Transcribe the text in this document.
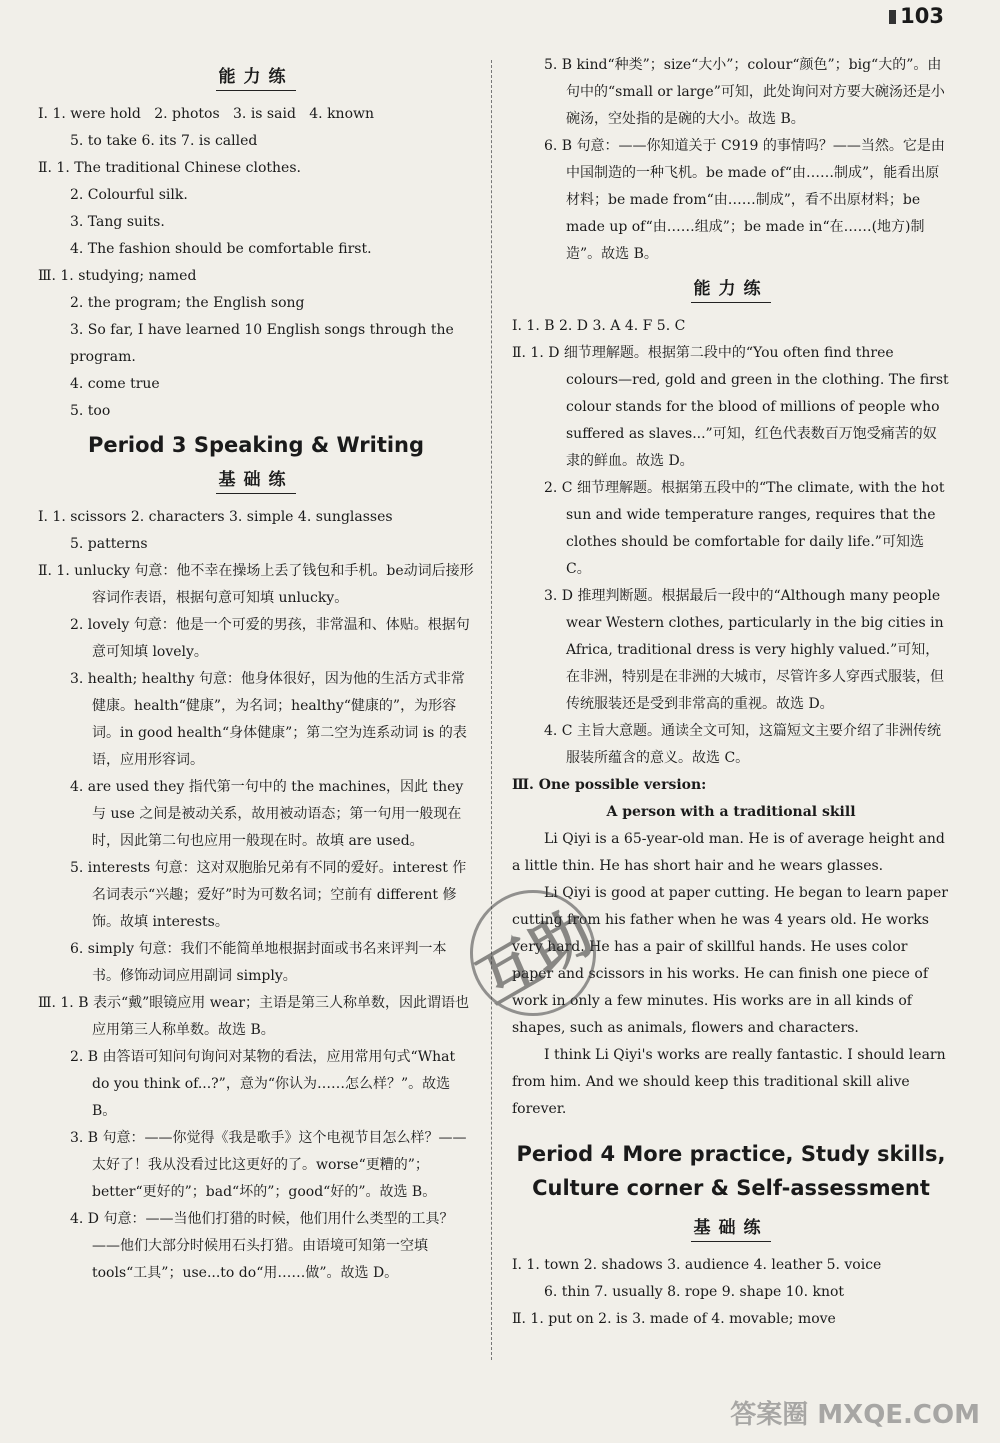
103
能力练

Ⅰ. 1. were hold 2. photos 3. is said 4. known

5. to take 6. its 7. is called

Ⅱ. 1. The traditional Chinese clothes.

2. Colourful silk.

3. Tang suits.

4. The fashion should be comfortable first.

Ⅲ. 1. studying; named

2. the program; the English song

3. So far, I have learned 10 English songs through the program.

4. come true

5. too

Period 3 Speaking & Writing
基础练

Ⅰ. 1. scissors 2. characters 3. simple 4. sunglasses

5. patterns

Ⅱ. 1. unlucky 句意：他不幸在操场上丢了钱包和手机。be动词后接形容词作表语，根据句意可知填 unlucky。

2. lovely 句意：他是一个可爱的男孩，非常温和、体贴。根据句意可知填 lovely。

3. health; healthy 句意：他身体很好，因为他的生活方式非常健康。health“健康”，为名词；healthy“健康的”，为形容词。in good health“身体健康”；第二空为连系动词 is 的表语，应用形容词。

4. are used they 指代第一句中的 the machines，因此 they 与 use 之间是被动关系，故用被动语态；第一句用一般现在时，因此第二句也应用一般现在时。故填 are used。

5. interests 句意：这对双胞胎兄弟有不同的爱好。interest 作名词表示“兴趣；爱好”时为可数名词；空前有 different 修饰。故填 interests。

6. simply 句意：我们不能简单地根据封面或书名来评判一本书。修饰动词应用副词 simply。

Ⅲ. 1. B 表示“戴”眼镜应用 wear；主语是第三人称单数，因此谓语也应用第三人称单数。故选 B。

2. B 由答语可知问句询问对某物的看法，应用常用句式“What do you think of...?”，意为“你认为……怎么样？”。故选 B。

3. B 句意：——你觉得《我是歌手》这个电视节目怎么样？——太好了！我从没看过比这更好的了。worse“更糟的”；better“更好的”；bad“坏的”；good“好的”。故选 B。

4. D 句意：——当他们打猎的时候，他们用什么类型的工具？——他们大部分时候用石头打猎。由语境可知第一空填 tools“工具”；use...to do“用……做”。故选 D。

5. B kind“种类”；size“大小”；colour“颜色”；big“大的”。由句中的“small or large”可知，此处询问对方要大碗汤还是小碗汤，空处指的是碗的大小。故选 B。

6. B 句意：——你知道关于 C919 的事情吗？——当然。它是由中国制造的一种飞机。be made of“由……制成”，能看出原材料；be made from“由……制成”，看不出原材料；be made up of“由……组成”；be made in“在……(地方)制造”。故选 B。

能力练

Ⅰ. 1. B 2. D 3. A 4. F 5. C

Ⅱ. 1. D 细节理解题。根据第二段中的“You often find three colours—red, gold and green in the clothing. The first colour stands for the blood of millions of people who suffered as slaves...”可知，红色代表数百万饱受痛苦的奴隶的鲜血。故选 D。

2. C 细节理解题。根据第五段中的“The climate, with the hot sun and wide temperature ranges, requires that the clothes should be comfortable for daily life.”可知选 C。

3. D 推理判断题。根据最后一段中的“Although many people wear Western clothes, particularly in the big cities in Africa, traditional dress is very highly valued.”可知，在非洲，特别是在非洲的大城市，尽管许多人穿西式服装，但传统服装还是受到非常高的重视。故选 D。

4. C 主旨大意题。通读全文可知，这篇短文主要介绍了非洲传统服装所蕴含的意义。故选 C。

Ⅲ. One possible version:

A person with a traditional skill

Li Qiyi is a 65-year-old man. He is of average height and a little thin. He has short hair and he wears glasses.

Li Qiyi is good at paper cutting. He began to learn paper cutting from his father when he was 4 years old. He works very hard. He has a pair of skillful hands. He uses color paper and scissors in his works. He can finish one piece of work in only a few minutes. His works are in all kinds of shapes, such as animals, flowers and characters.

I think Li Qiyi's works are really fantastic. I should learn from him. And we should keep this traditional skill alive forever.

Period 4 More practice, Study skills,
Culture corner & Self-assessment
基础练

Ⅰ. 1. town 2. shadows 3. audience 4. leather 5. voice

6. thin 7. usually 8. rope 9. shape 10. knot

Ⅱ. 1. put on 2. is 3. made of 4. movable; move

互助
答案圈 MXQE.COM
